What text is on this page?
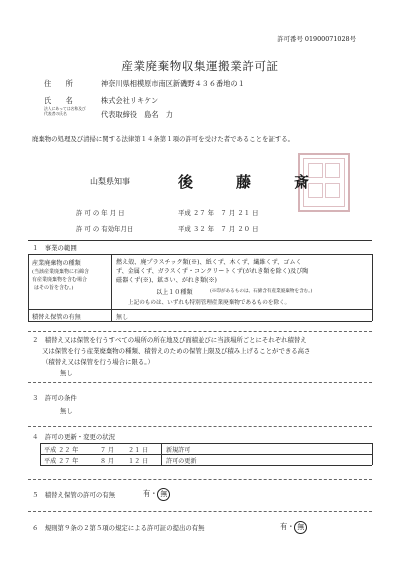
許可番号 01900071028号
産業廃棄物収集運搬業許可証
住　　所	神奈川県相模原市南区新磯野４３６番地の１
氏　　名
法人にあっては名称及び代表者の氏名
株式会社リキケン
代表取締役　島名　力
廃棄物の処理及び清掃に関する法律第１４条第１項の許可を受けた者であることを証する。
山梨県知事	後　藤　斎
許 可 の 年 月 日	平成 ２７ 年　７ 月 ２１ 日
許 可 の 有効年月日	平成 ３２ 年　７ 月 ２０ 日
１　事業の範囲
産業廃棄物の種類
(当該産業廃棄物に石綿含
有産業廃棄物を含む場合
はその旨を含む。)
燃え殻、廃プラスチック類(※)、紙くず、木くず、繊維くず、ゴムく
ず、金属くず、ガラスくず・コンクリートくず(がれき類を除く)及び陶
磁器くず(※)、鉱さい、がれき類(※)
以上１０種類	(※印があるものは、石綿含有産業廃棄物を含む。)
上記のものは、いずれも特別管理産業廃棄物であるものを除く。
積替え保管の有無	無し
２　積替え又は保管を行うすべての場所の所在地及び面積並びに当該場所ごとにそれぞれ積替え
又は保管を行う産業廃棄物の種類、積替えのための保管上限及び積み上げることができる高さ
（積替え又は保管を行う場合に限る。）
無し
３　許可の条件
無し
４　許可の更新・変更の状況
平成 ２２ 年	７ 月 ２１ 日	新規許可
平成 ２７ 年	８ 月 １２ 日	許可の更新
５　積替え保管の許可の有無	有・ 無
６　規則第９条の２第５項の規定による許可証の提出の有無	有・ 無
